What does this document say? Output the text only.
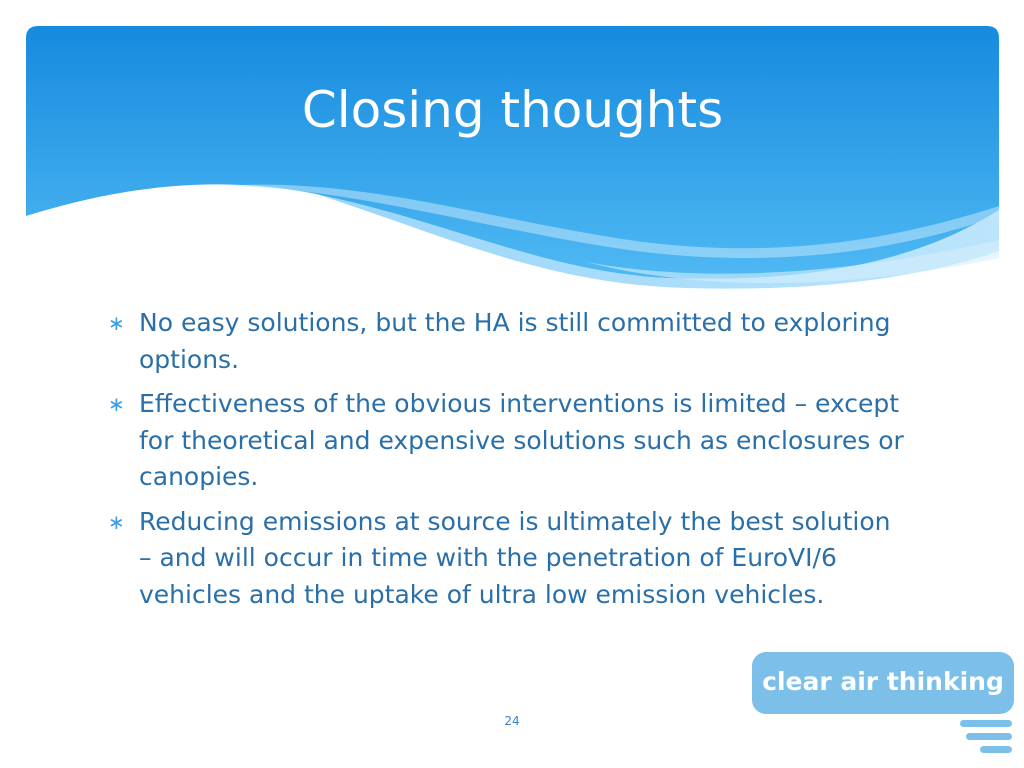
Closing thoughts
∗ No easy solutions, but the HA is still committed to exploring options.
∗ Effectiveness of the obvious interventions is limited – except for theoretical and expensive solutions such as enclosures or canopies.
∗ Reducing emissions at source is ultimately the best solution – and will occur in time with the penetration of EuroVI/6 vehicles and the uptake of ultra low emission vehicles.
24
clear air thinking
